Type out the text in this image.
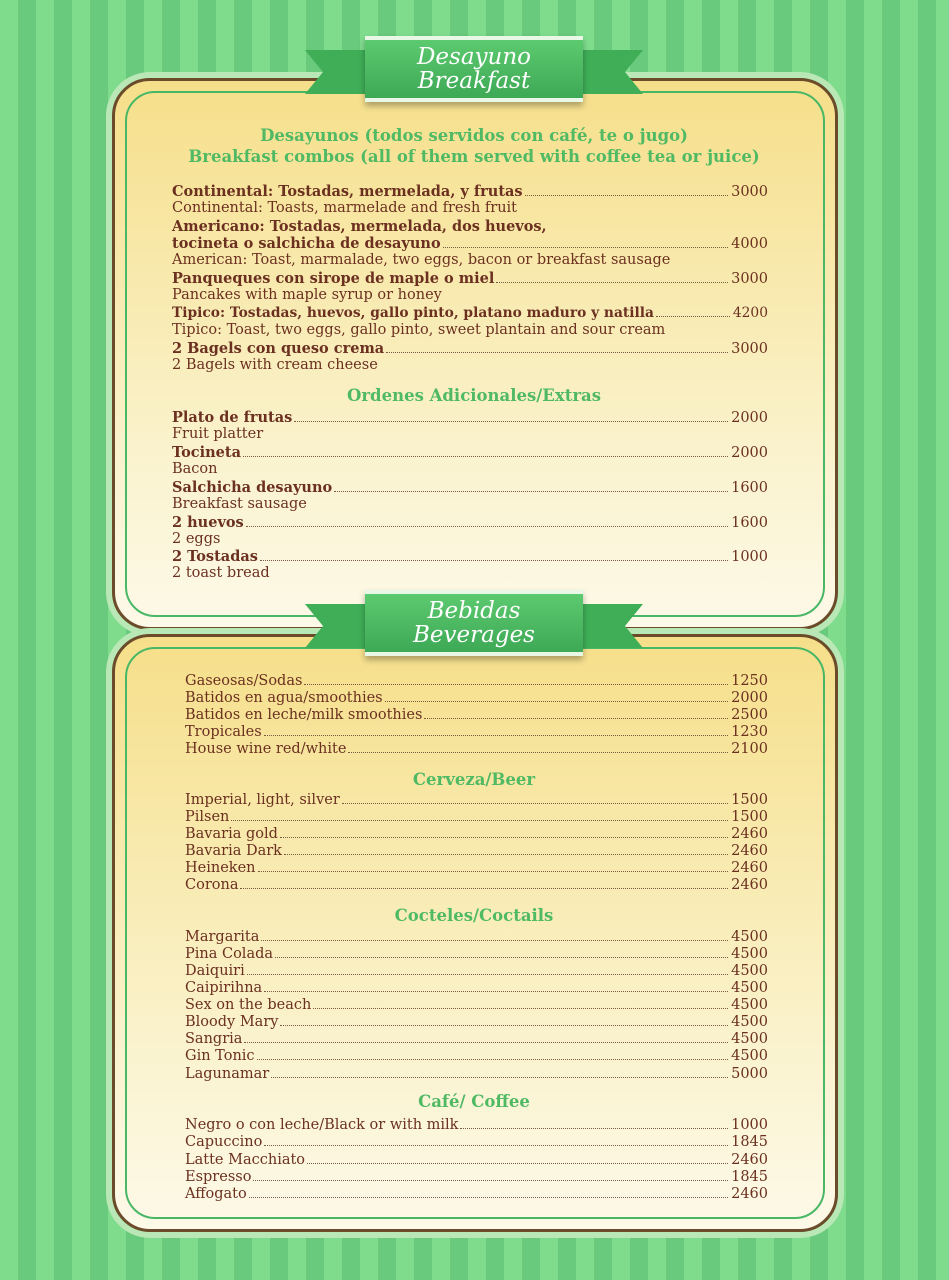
Desayuno
Breakfast
Bebidas
Beverages
Desayunos (todos servidos con café, te o jugo)
Breakfast combos (all of them served with coffee tea or juice)
Continental: Tostadas, mermelada, y frutas	3000
Continental: Toasts, marmelade and fresh fruit
Americano: Tostadas, mermelada, dos huevos,
tocineta o salchicha de desayuno	4000
American: Toast, marmalade, two eggs, bacon or breakfast sausage
Panqueques con sirope de maple o miel	3000
Pancakes with maple syrup or honey
Tipico: Tostadas, huevos, gallo pinto, platano maduro y natilla	4200
Tipico: Toast, two eggs, gallo pinto, sweet plantain and sour cream
2 Bagels con queso crema	3000
2 Bagels with cream cheese
Ordenes Adicionales/Extras
Plato de frutas	2000
Fruit platter
Tocineta	2000
Bacon
Salchicha desayuno	1600
Breakfast sausage
2 huevos	1600
2 eggs
2 Tostadas	1000
2 toast bread
Gaseosas/Sodas	1250
Batidos en agua/smoothies	2000
Batidos en leche/milk smoothies	2500
Tropicales	1230
House wine red/white	2100
Cerveza/Beer
Imperial, light, silver	1500
Pilsen	1500
Bavaria gold	2460
Bavaria Dark	2460
Heineken	2460
Corona	2460
Cocteles/Coctails
Margarita	4500
Pina Colada	4500
Daiquiri	4500
Caipirihna	4500
Sex on the beach	4500
Bloody Mary	4500
Sangria	4500
Gin Tonic	4500
Lagunamar	5000
Café/ Coffee
Negro o con leche/Black or with milk	1000
Capuccino	1845
Latte Macchiato	2460
Espresso	1845
Affogato	2460
